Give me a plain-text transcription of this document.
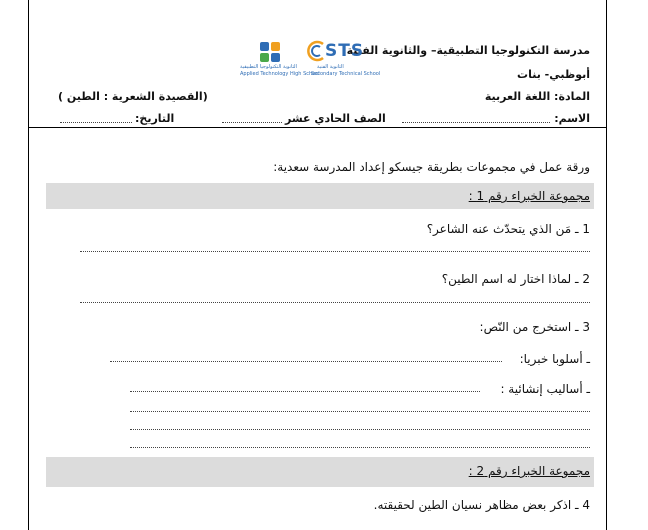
مدرسة التكنولوجيا التطبيقية– والثانوية الفنية
أبوظبي- بنات
المادة: اللغة العربية
(القصيدة الشعرية : الطين )
الاسم:
الصف الحادي عشر
التاريخ:
الثانوية التكنولوجيا التطبيقية
Applied Technology High School
STS
الثانوية الفنية
Secondary Technical School
ورقة عمل في مجموعات بطريقة جيسكو إعداد المدرسة سعدية:
مجموعة الخبراء رقم 1 :
1 ـ مَن الذي يتحدّث عنه الشاعر؟
2 ـ لماذا اختار له اسم الطين؟
3 ـ استخرج من النّص:
ـ أسلوبا خبريا:
ـ أساليب إنشائية :
مجموعة الخبراء رقم 2 :
4 ـ اذكر بعض مظاهر نسيان الطين لحقيقته.
